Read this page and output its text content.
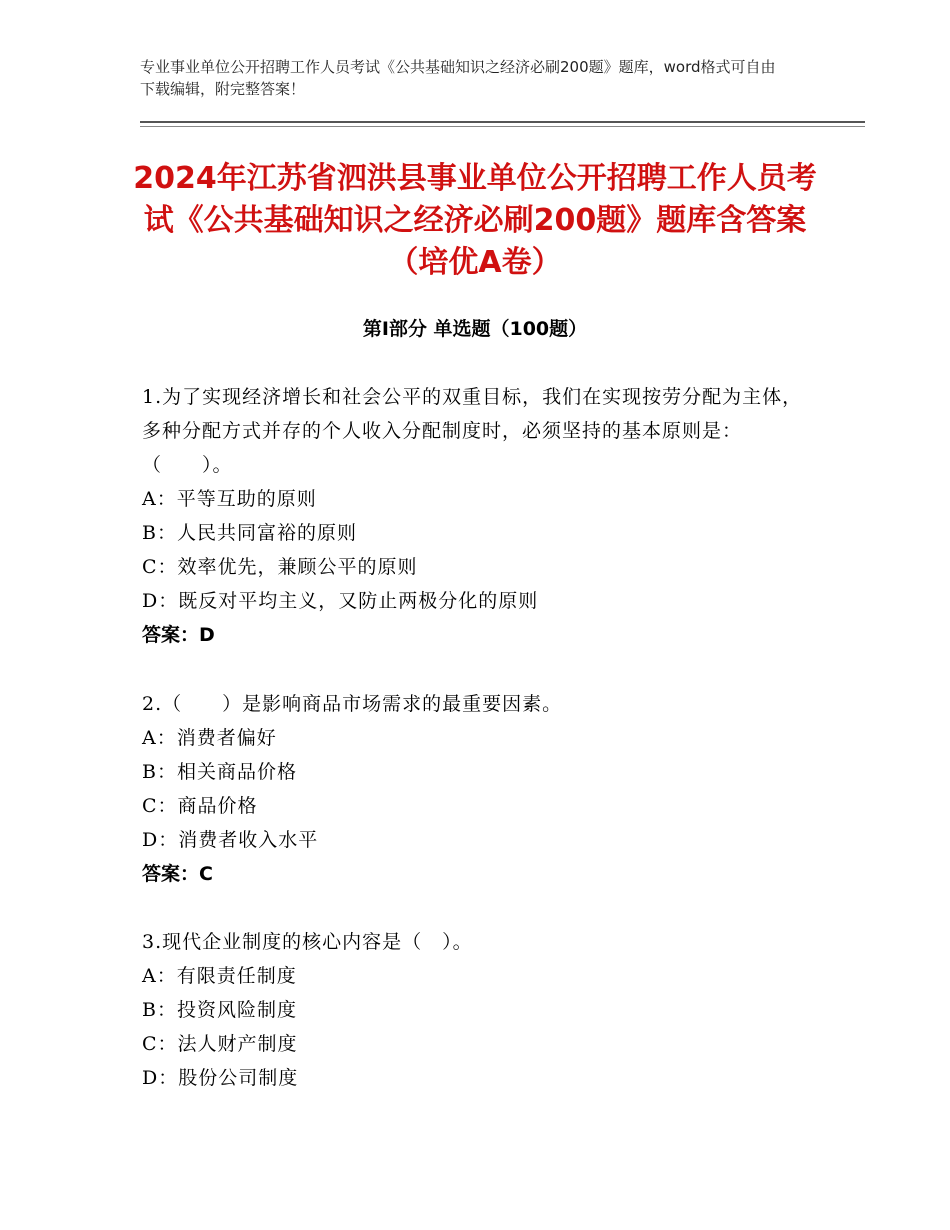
专业事业单位公开招聘工作人员考试《公共基础知识之经济必刷200题》题库，word格式可自由下载编辑，附完整答案！
2024年江苏省泗洪县事业单位公开招聘工作人员考试《公共基础知识之经济必刷200题》题库含答案（培优A卷）
第Ⅰ部分 单选题（100题）
1.为了实现经济增长和社会公平的双重目标，我们在实现按劳分配为主体，多种分配方式并存的个人收入分配制度时，必须坚持的基本原则是：（　　）。
A：平等互助的原则
B：人民共同富裕的原则
C：效率优先，兼顾公平的原则
D：既反对平均主义，又防止两极分化的原则
答案：D
2.（　　）是影响商品市场需求的最重要因素。
A：消费者偏好
B：相关商品价格
C：商品价格
D：消费者收入水平
答案：C
3.现代企业制度的核心内容是（　）。
A：有限责任制度
B：投资风险制度
C：法人财产制度
D：股份公司制度
